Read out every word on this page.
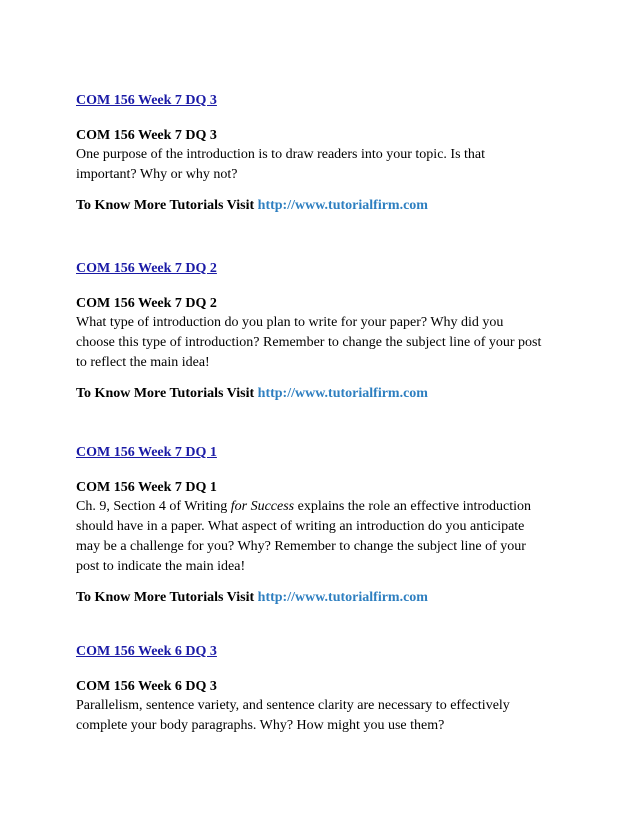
COM 156 Week 7 DQ 3
COM 156 Week 7 DQ 3
One purpose of the introduction is to draw readers into your topic. Is that
important? Why or why not?
To Know More Tutorials Visit http://www.tutorialfirm.com
COM 156 Week 7 DQ 2
COM 156 Week 7 DQ 2
What type of introduction do you plan to write for your paper? Why did you
choose this type of introduction? Remember to change the subject line of your post
to reflect the main idea!
To Know More Tutorials Visit http://www.tutorialfirm.com
COM 156 Week 7 DQ 1
COM 156 Week 7 DQ 1
Ch. 9, Section 4 of Writing for Success explains the role an effective introduction
should have in a paper. What aspect of writing an introduction do you anticipate
may be a challenge for you? Why? Remember to change the subject line of your
post to indicate the main idea!
To Know More Tutorials Visit http://www.tutorialfirm.com
COM 156 Week 6 DQ 3
COM 156 Week 6 DQ 3
Parallelism, sentence variety, and sentence clarity are necessary to effectively
complete your body paragraphs. Why? How might you use them?
